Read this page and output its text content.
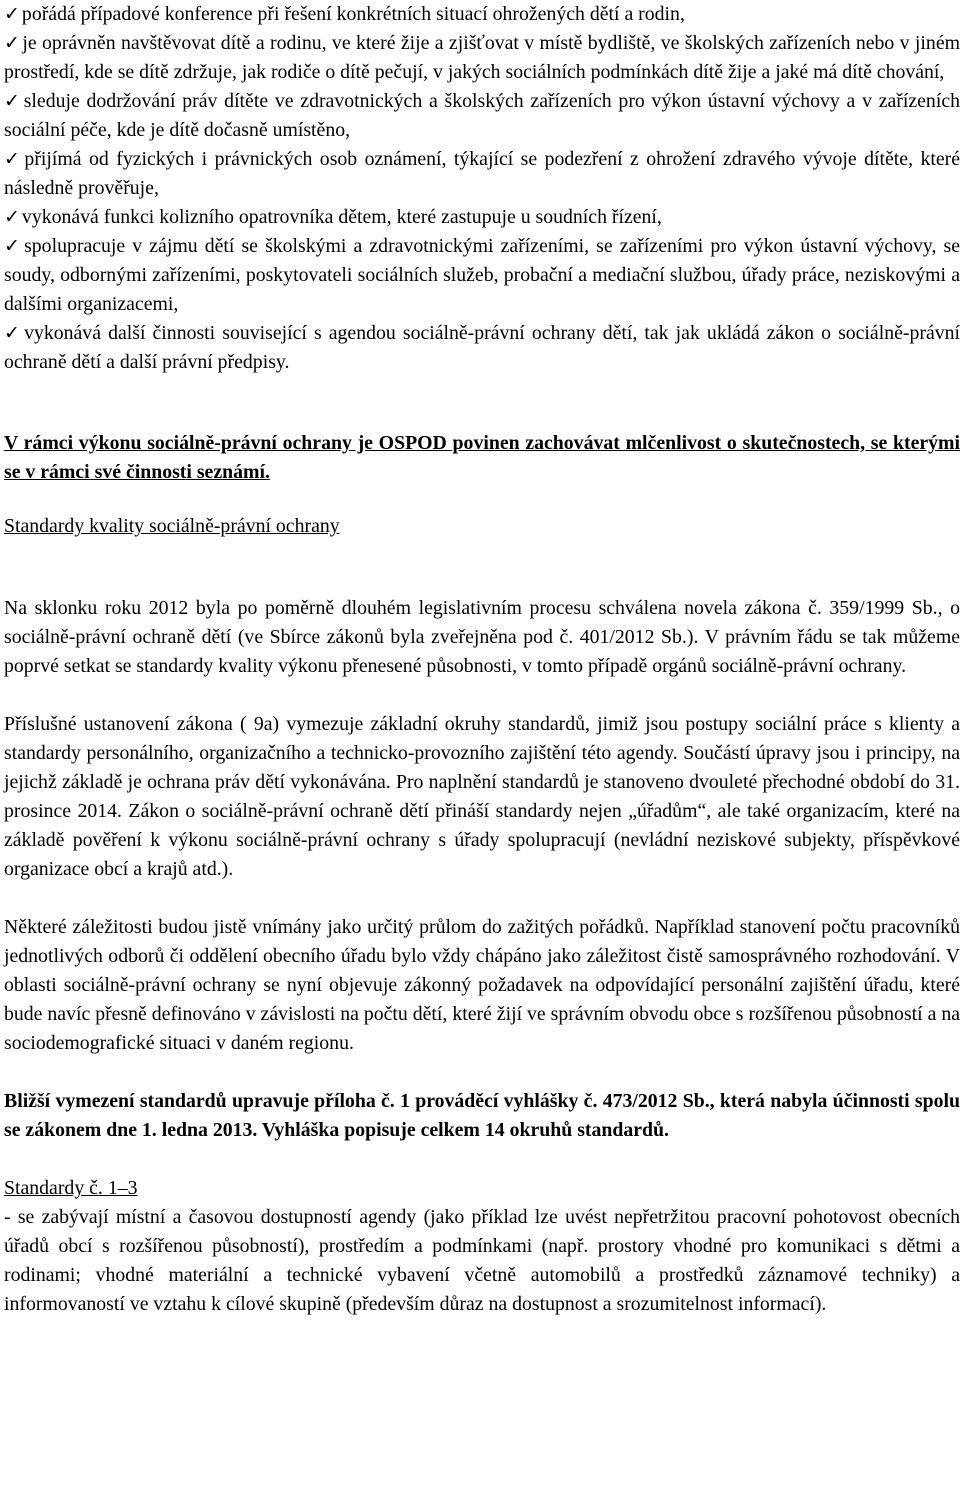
✓ pořádá případové konference při řešení konkrétních situací ohrožených dětí a rodin,
✓ je oprávněn navštěvovat dítě a rodinu, ve které žije a zjišťovat v místě bydliště, ve školských zařízeních nebo v jiném prostředí, kde se dítě zdržuje, jak rodiče o dítě pečují, v jakých sociálních podmínkách dítě žije a jaké má dítě chování,
✓ sleduje dodržování práv dítěte ve zdravotnických a školských zařízeních pro výkon ústavní výchovy a v zařízeních sociální péče, kde je dítě dočasně umístěno,
✓ přijímá od fyzických i právnických osob oznámení, týkající se podezření z ohrožení zdravého vývoje dítěte, které následně prověřuje,
✓ vykonává funkci kolizního opatrovníka dětem, které zastupuje u soudních řízení,
✓ spolupracuje v zájmu dětí se školskými a zdravotnickými zařízeními, se zařízeními pro výkon ústavní výchovy, se soudy, odbornými zařízeními, poskytovateli sociálních služeb, probační a mediační službou, úřady práce, neziskovými a dalšími organizacemi,
✓ vykonává další činnosti související s agendou sociálně-právní ochrany dětí, tak jak ukládá zákon o sociálně-právní ochraně dětí a další právní předpisy.

V rámci výkonu sociálně-právní ochrany je OSPOD povinen zachovávat mlčenlivost o skutečnostech, se kterými se v rámci své činnosti seznámí.

Standardy kvality sociálně-právní ochrany

Na sklonku roku 2012 byla po poměrně dlouhém legislativním procesu schválena novela zákona č. 359/1999 Sb., o sociálně-právní ochraně dětí (ve Sbírce zákonů byla zveřejněna pod č. 401/2012 Sb.). V právním řádu se tak můžeme poprvé setkat se standardy kvality výkonu přenesené působnosti, v tomto případě orgánů sociálně-právní ochrany.

Příslušné ustanovení zákona ( 9a) vymezuje základní okruhy standardů, jimiž jsou postupy sociální práce s klienty a standardy personálního, organizačního a technicko-provozního zajištění této agendy. Součástí úpravy jsou i principy, na jejichž základě je ochrana práv dětí vykonávána. Pro naplnění standardů je stanoveno dvouleté přechodné období do 31. prosince 2014. Zákon o sociálně-právní ochraně dětí přináší standardy nejen „úřadům“, ale také organizacím, které na základě pověření k výkonu sociálně-právní ochrany s úřady spolupracují (nevládní neziskové subjekty, příspěvkové organizace obcí a krajů atd.).

Některé záležitosti budou jistě vnímány jako určitý průlom do zažitých pořádků. Například stanovení počtu pracovníků jednotlivých odborů či oddělení obecního úřadu bylo vždy chápáno jako záležitost čistě samosprávného rozhodování. V oblasti sociálně-právní ochrany se nyní objevuje zákonný požadavek na odpovídající personální zajištění úřadu, které bude navíc přesně definováno v závislosti na počtu dětí, které žijí ve správním obvodu obce s rozšířenou působností a na sociodemografické situaci v daném regionu.

Bližší vymezení standardů upravuje příloha č. 1 prováděcí vyhlášky č. 473/2012 Sb., která nabyla účinnosti spolu se zákonem dne 1. ledna 2013. Vyhláška popisuje celkem 14 okruhů standardů.

Standardy č. 1–3

- se zabývají místní a časovou dostupností agendy (jako příklad lze uvést nepřetržitou pracovní pohotovost obecních úřadů obcí s rozšířenou působností), prostředím a podmínkami (např. prostory vhodné pro komunikaci s dětmi a rodinami; vhodné materiální a technické vybavení včetně automobilů a prostředků záznamové techniky) a informovaností ve vztahu k cílové skupině (především důraz na dostupnost a srozumitelnost informací).
